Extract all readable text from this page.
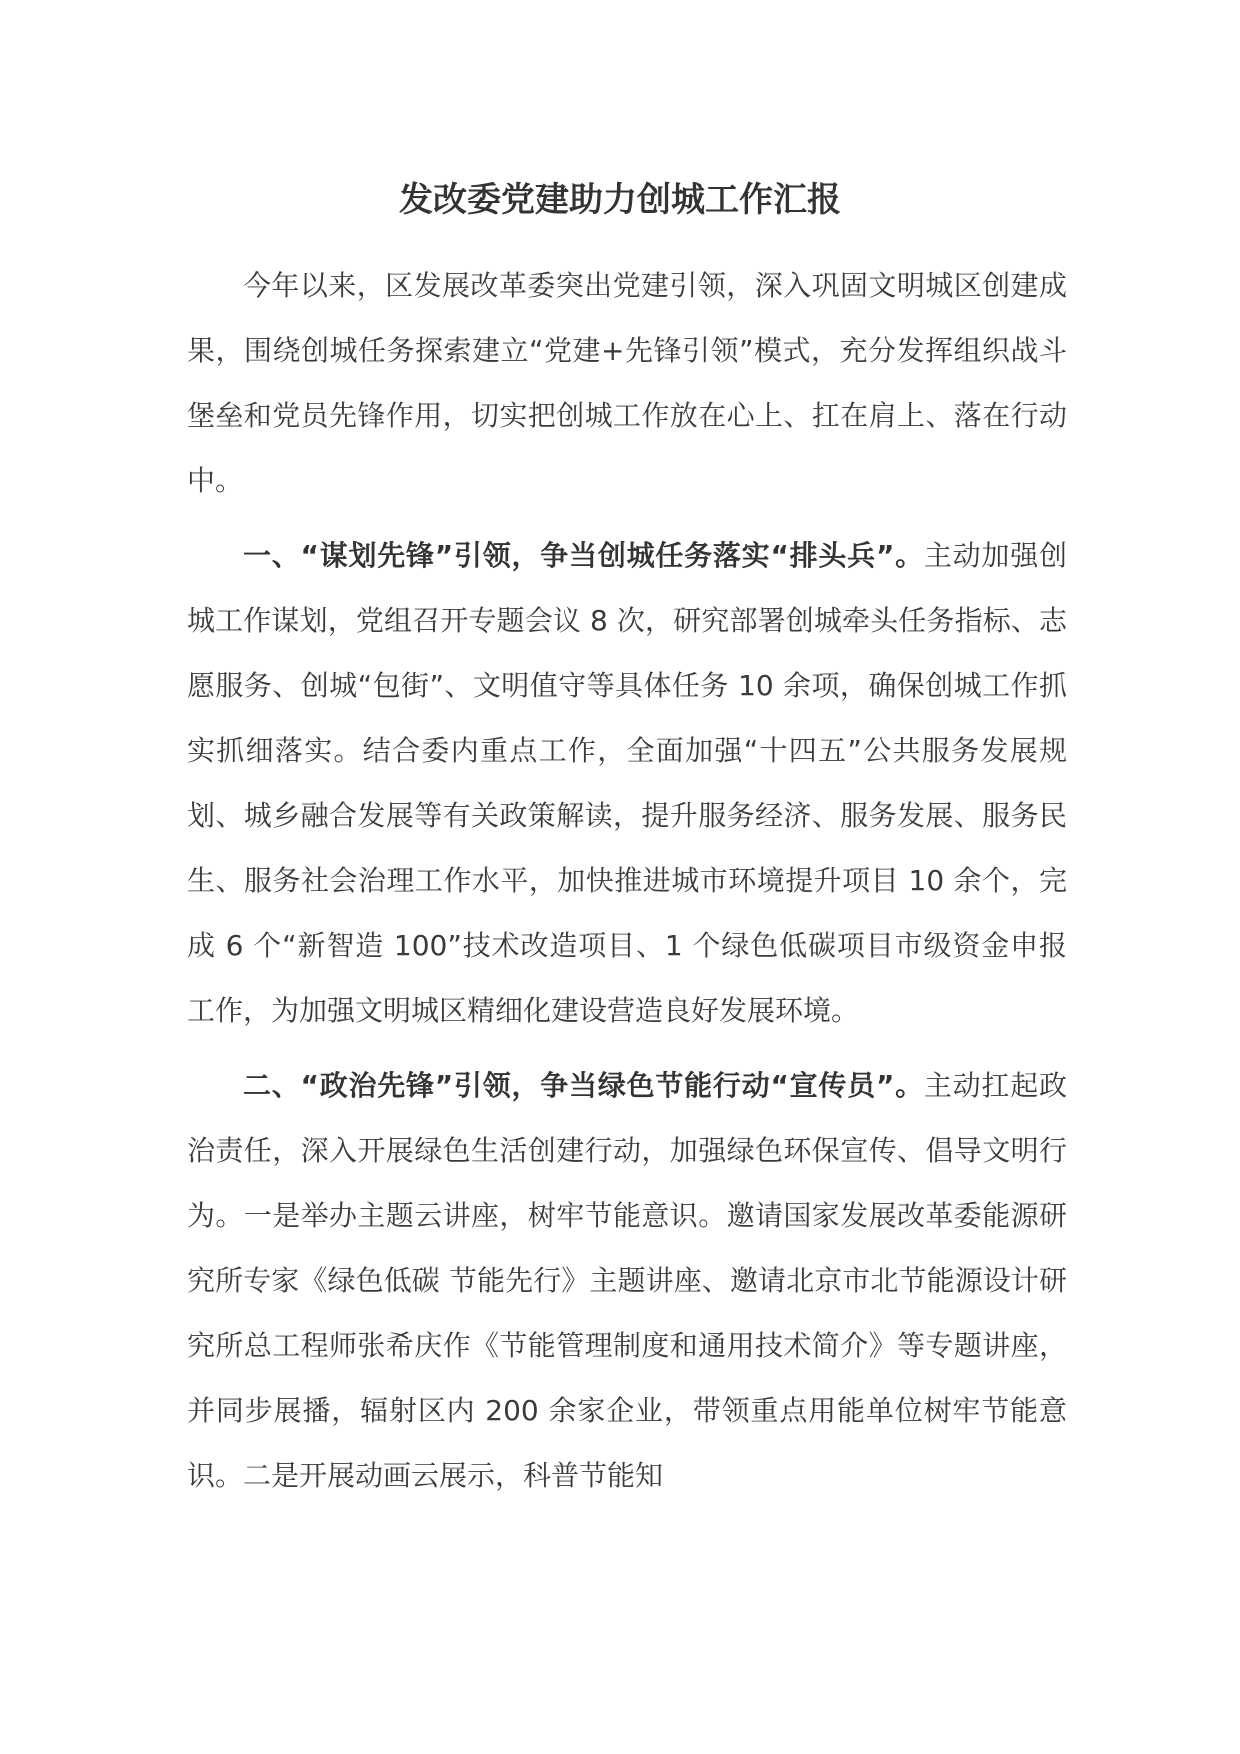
发改委党建助力创城工作汇报

今年以来，区发展改革委突出党建引领，深入巩固文明城区创建成果，围绕创城任务探索建立“党建+先锋引领”模式，充分发挥组织战斗堡垒和党员先锋作用，切实把创城工作放在心上、扛在肩上、落在行动中。

一、“谋划先锋”引领，争当创城任务落实“排头兵”。主动加强创城工作谋划，党组召开专题会议 8 次，研究部署创城牵头任务指标、志愿服务、创城“包街”、文明值守等具体任务 10 余项，确保创城工作抓实抓细落实。结合委内重点工作，全面加强“十四五”公共服务发展规划、城乡融合发展等有关政策解读，提升服务经济、服务发展、服务民生、服务社会治理工作水平，加快推进城市环境提升项目 10 余个，完成 6 个“新智造 100”技术改造项目、1 个绿色低碳项目市级资金申报工作，为加强文明城区精细化建设营造良好发展环境。

二、“政治先锋”引领，争当绿色节能行动“宣传员”。主动扛起政治责任，深入开展绿色生活创建行动，加强绿色环保宣传、倡导文明行为。一是举办主题云讲座，树牢节能意识。邀请国家发展改革委能源研究所专家《绿色低碳 节能先行》主题讲座、邀请北京市北节能源设计研究所总工程师张希庆作《节能管理制度和通用技术简介》等专题讲座，并同步展播，辐射区内 200 余家企业，带领重点用能单位树牢节能意识。二是开展动画云展示，科普节能知
